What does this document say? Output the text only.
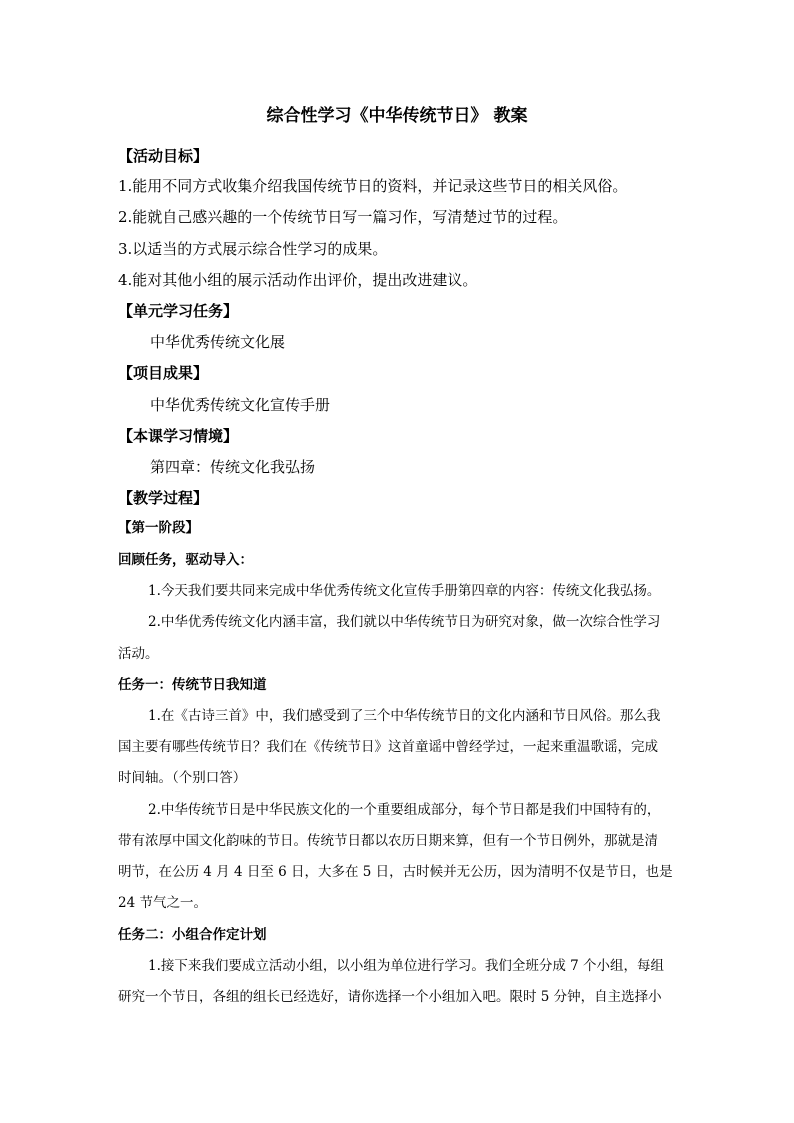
综合性学习《中华传统节日》 教案
【活动目标】
1.能用不同方式收集介绍我国传统节日的资料，并记录这些节日的相关风俗。
2.能就自己感兴趣的一个传统节日写一篇习作，写清楚过节的过程。
3.以适当的方式展示综合性学习的成果。
4.能对其他小组的展示活动作出评价，提出改进建议。
【单元学习任务】
中华优秀传统文化展
【项目成果】
中华优秀传统文化宣传手册
【本课学习情境】
第四章：传统文化我弘扬
【教学过程】
【第一阶段】
回顾任务，驱动导入：
1.今天我们要共同来完成中华优秀传统文化宣传手册第四章的内容：传统文化我弘扬。
2.中华优秀传统文化内涵丰富，我们就以中华传统节日为研究对象，做一次综合性学习
活动。
任务一：传统节日我知道
1.在《古诗三首》中，我们感受到了三个中华传统节日的文化内涵和节日风俗。那么我
国主要有哪些传统节日？我们在《传统节日》这首童谣中曾经学过，一起来重温歌谣，完成
时间轴。（个别口答）
2.中华传统节日是中华民族文化的一个重要组成部分，每个节日都是我们中国特有的，
带有浓厚中国文化韵味的节日。传统节日都以农历日期来算，但有一个节日例外，那就是清
明节，在公历 4 月 4 日至 6 日，大多在 5 日，古时候并无公历，因为清明不仅是节日，也是
24 节气之一。
任务二：小组合作定计划
1.接下来我们要成立活动小组，以小组为单位进行学习。我们全班分成 7 个小组，每组
研究一个节日，各组的组长已经选好，请你选择一个小组加入吧。限时 5 分钟，自主选择小
